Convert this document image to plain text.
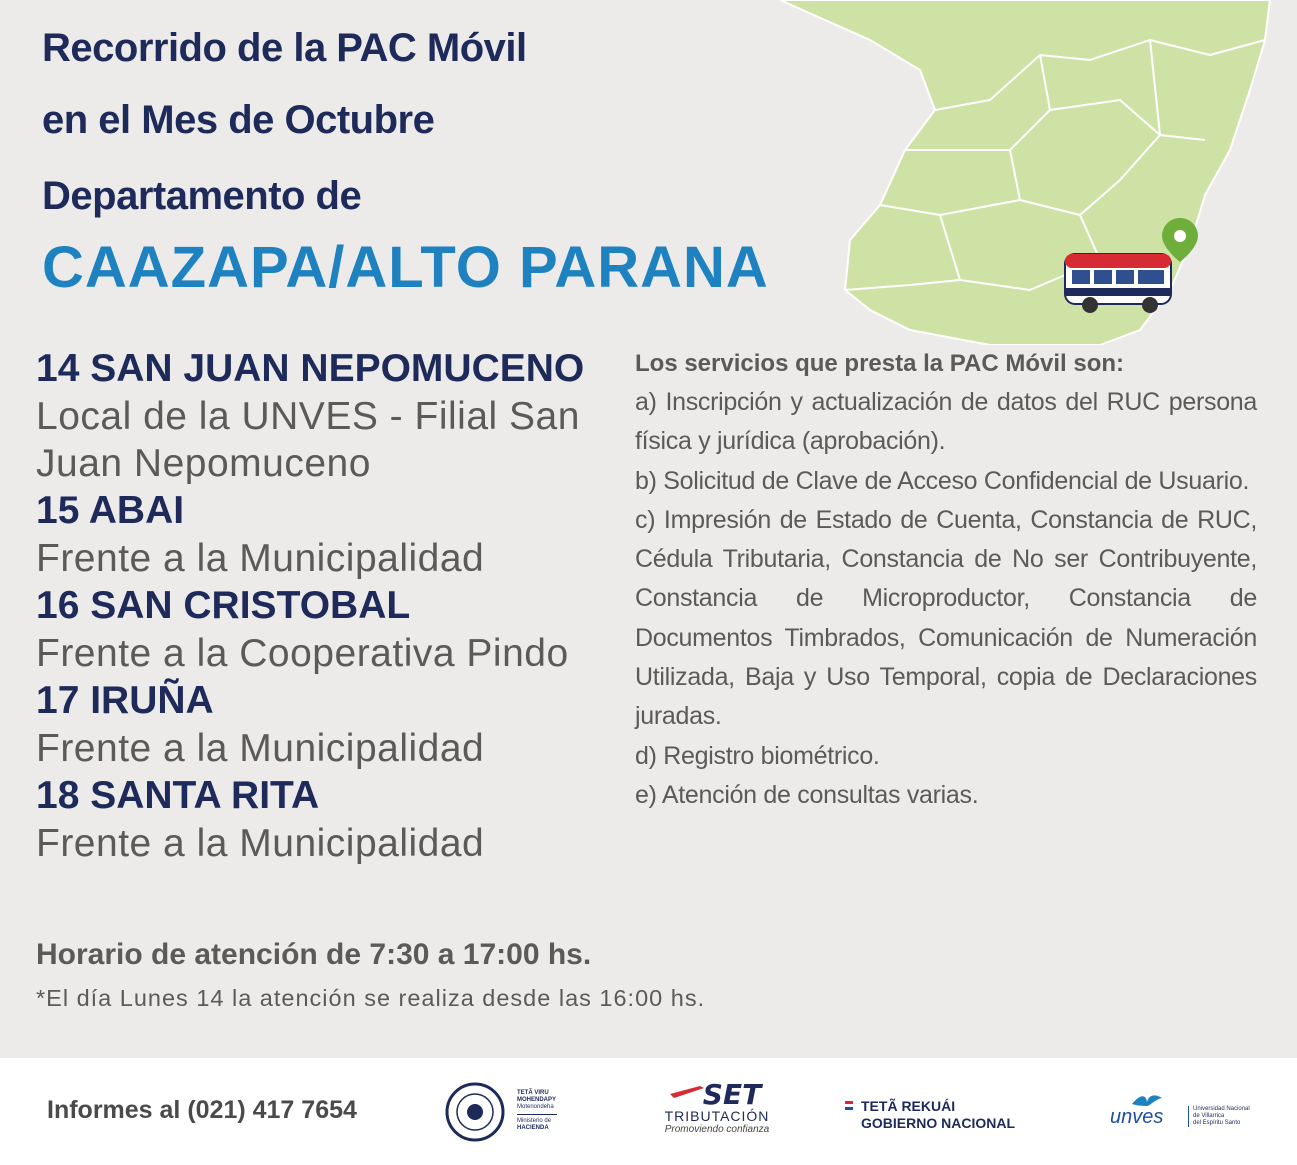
Recorrido de la PAC Móvil
en el Mes de Octubre
Departamento de
CAAZAPA/ALTO PARANA
14 SAN JUAN NEPOMUCENO
Local de la UNVES - Filial San Juan Nepomuceno
15 ABAI
Frente a la Municipalidad
16 SAN CRISTOBAL
Frente a la Cooperativa Pindo
17 IRUÑA
Frente a la Municipalidad
18 SANTA RITA
Frente a la Municipalidad
Los servicios que presta la PAC Móvil son:
a) Inscripción y actualización de datos del RUC persona física y jurídica (aprobación).
b) Solicitud de Clave de Acceso Confidencial de Usuario.
c) Impresión de Estado de Cuenta, Constancia de RUC, Cédula Tributaria, Constancia de No ser Contribuyente, Constancia de Microproductor, Constancia de Documentos Timbrados, Comunicación de Numeración Utilizada, Baja y Uso Temporal, copia de Declaraciones juradas.
d) Registro biométrico.
e) Atención de consultas varias.
Horario de atención de 7:30 a 17:00 hs.
*El día Lunes 14 la atención se realiza desde las 16:00 hs.
Informes al (021) 417 7654
TETÃ VIRU
MOHENDAPY
Motenondeha
Ministerio de
HACIENDA
SET
TRIBUTACIÓN
Promoviendo confianza
TETÃ REKUÁI
GOBIERNO NACIONAL	unves	Universidad Nacional
de Villarrica
del Espíritu Santo
